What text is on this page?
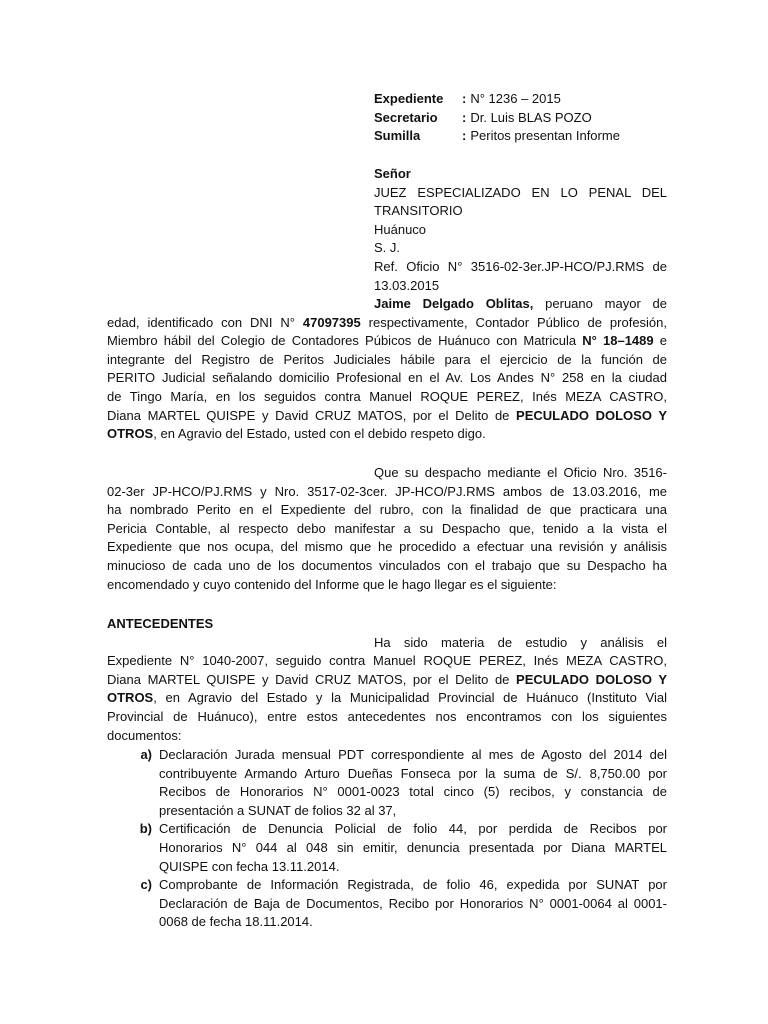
Expediente	: N° 1236 – 2015
Secretario	: Dr. Luis BLAS POZO
Sumilla	: Peritos presentan Informe

Señor

JUEZ ESPECIALIZADO EN LO PENAL DEL

TRANSITORIO

Huánuco

S. J.

Ref. Oficio N° 3516-02-3er.JP-HCO/PJ.RMS de

13.03.2015

Jaime Delgado Oblitas, peruano mayor de

edad, identificado con DNI N° 47097395 respectivamente, Contador Público de profesión,

Miembro hábil del Colegio de Contadores Púbicos de Huánuco con Matricula N° 18–1489 e

integrante del Registro de Peritos Judiciales hábile para el ejercicio de la función de

PERITO Judicial señalando domicilio Profesional en el Av. Los Andes N° 258 en la ciudad

de Tingo María, en los seguidos contra Manuel ROQUE PEREZ, Inés MEZA CASTRO,

Diana MARTEL QUISPE y David CRUZ MATOS, por el Delito de PECULADO DOLOSO Y

OTROS, en Agravio del Estado, usted con el debido respeto digo.

Que su despacho mediante el Oficio Nro. 3516-

02-3er JP-HCO/PJ.RMS y Nro. 3517-02-3cer. JP-HCO/PJ.RMS ambos de 13.03.2016, me

ha nombrado Perito en el Expediente del rubro, con la finalidad de que practicara una

Pericia Contable, al respecto debo manifestar a su Despacho que, tenido a la vista el

Expediente que nos ocupa, del mismo que he procedido a efectuar una revisión y análisis

minucioso de cada uno de los documentos vinculados con el trabajo que su Despacho ha

encomendado y cuyo contenido del Informe que le hago llegar es el siguiente:

ANTECEDENTES

Ha sido materia de estudio y análisis el

Expediente N° 1040-2007, seguido contra Manuel ROQUE PEREZ, Inés MEZA CASTRO,

Diana MARTEL QUISPE y David CRUZ MATOS, por el Delito de PECULADO DOLOSO Y

OTROS, en Agravio del Estado y la Municipalidad Provincial de Huánuco (Instituto Vial

Provincial de Huánuco), entre estos antecedentes nos encontramos con los siguientes

documentos:

a) Declaración Jurada mensual PDT correspondiente al mes de Agosto del 2014 del

contribuyente Armando Arturo Dueñas Fonseca por la suma de S/. 8,750.00 por

Recibos de Honorarios N° 0001-0023 total cinco (5) recibos, y constancia de

presentación a SUNAT de folios 32 al 37,

b) Certificación de Denuncia Policial de folio 44, por perdida de Recibos por

Honorarios N° 044 al 048 sin emitir, denuncia presentada por Diana MARTEL

QUISPE con fecha 13.11.2014.

c) Comprobante de Información Registrada, de folio 46, expedida por SUNAT por

Declaración de Baja de Documentos, Recibo por Honorarios N° 0001-0064 al 0001-

0068 de fecha 18.11.2014.
